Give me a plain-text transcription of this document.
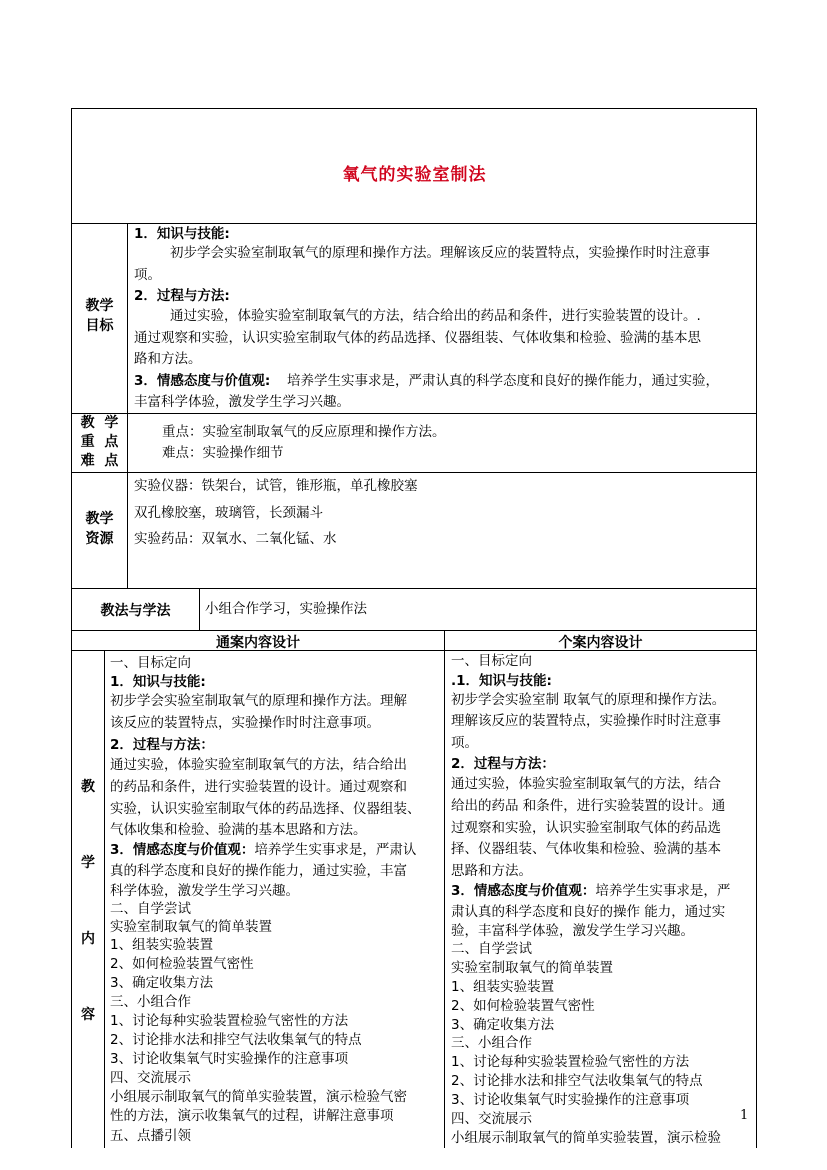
氧气的实验室制法
教学
目标
1．知识与技能:
初步学会实验室制取氧气的原理和操作方法。理解该反应的装置特点，实验操作时时注意事
项。
2．过程与方法:
通过实验，体验实验室制取氧气的方法，结合给出的药品和条件，进行实验装置的设计。.
通过观察和实验，认识实验室制取气体的药品选择、仪器组装、气体收集和检验、验满的基本思
路和方法。
3．情感态度与价值观: 培养学生实事求是，严肃认真的科学态度和良好的操作能力，通过实验，
丰富科学体验，激发学生学习兴趣。
教  学
重  点
难  点
重点：实验室制取氧气的反应原理和操作方法。
难点：实验操作细节
教学
资源
实验仪器：铁架台，试管，锥形瓶，单孔橡胶塞
双孔橡胶塞，玻璃管，长颈漏斗
实验药品：双氧水、二氧化锰、水
教法与学法	小组合作学习，实验操作法
通案内容设计	个案内容设计
教
学
内
容
一、目标定向
1．知识与技能:
初步学会实验室制取氧气的原理和操作方法。理解
该反应的装置特点，实验操作时时注意事项。
2．过程与方法：
通过实验，体验实验室制取氧气的方法，结合给出
的药品和条件，进行实验装置的设计。通过观察和
实验，认识实验室制取气体的药品选择、仪器组装、
气体收集和检验、验满的基本思路和方法。
3．情感态度与价值观：培养学生实事求是，严肃认
真的科学态度和良好的操作能力，通过实验，丰富
科学体验，激发学生学习兴趣。
二、自学尝试
实验室制取氧气的简单装置
1、组装实验装置
2、如何检验装置气密性
3、确定收集方法
三、小组合作
1、讨论每种实验装置检验气密性的方法
2、讨论排水法和排空气法收集氧气的特点
3、讨论收集氧气时实验操作的注意事项
四、交流展示
小组展示制取氧气的简单实验装置，演示检验气密
性的方法，演示收集氧气的过程，讲解注意事项
五、点播引领
一、目标定向
.1．知识与技能:
初步学会实验室制 取氧气的原理和操作方法。
理解该反应的装置特点，实验操作时时注意事
项。
2．过程与方法：
通过实验，体验实验室制取氧气的方法，结合
给出的药品 和条件，进行实验装置的设计。通
过观察和实验，认识实验室制取气体的药品选
择、仪器组装、气体收集和检验、验满的基本
思路和方法。
3．情感态度与价值观：培养学生实事求是，严
肃认真的科学态度和良好的操作 能力，通过实
验，丰富科学体验，激发学生学习兴趣。
二、自学尝试
实验室制取氧气的简单装置
1、组装实验装置
2、如何检验装置气密性
3、确定收集方法
三、小组合作
1、讨论每种实验装置检验气密性的方法
2、讨论排水法和排空气法收集氧气的特点
3、讨论收集氧气时实验操作的注意事项
四、交流展示
小组展示制取氧气的简单实验装置，演示检验
1
